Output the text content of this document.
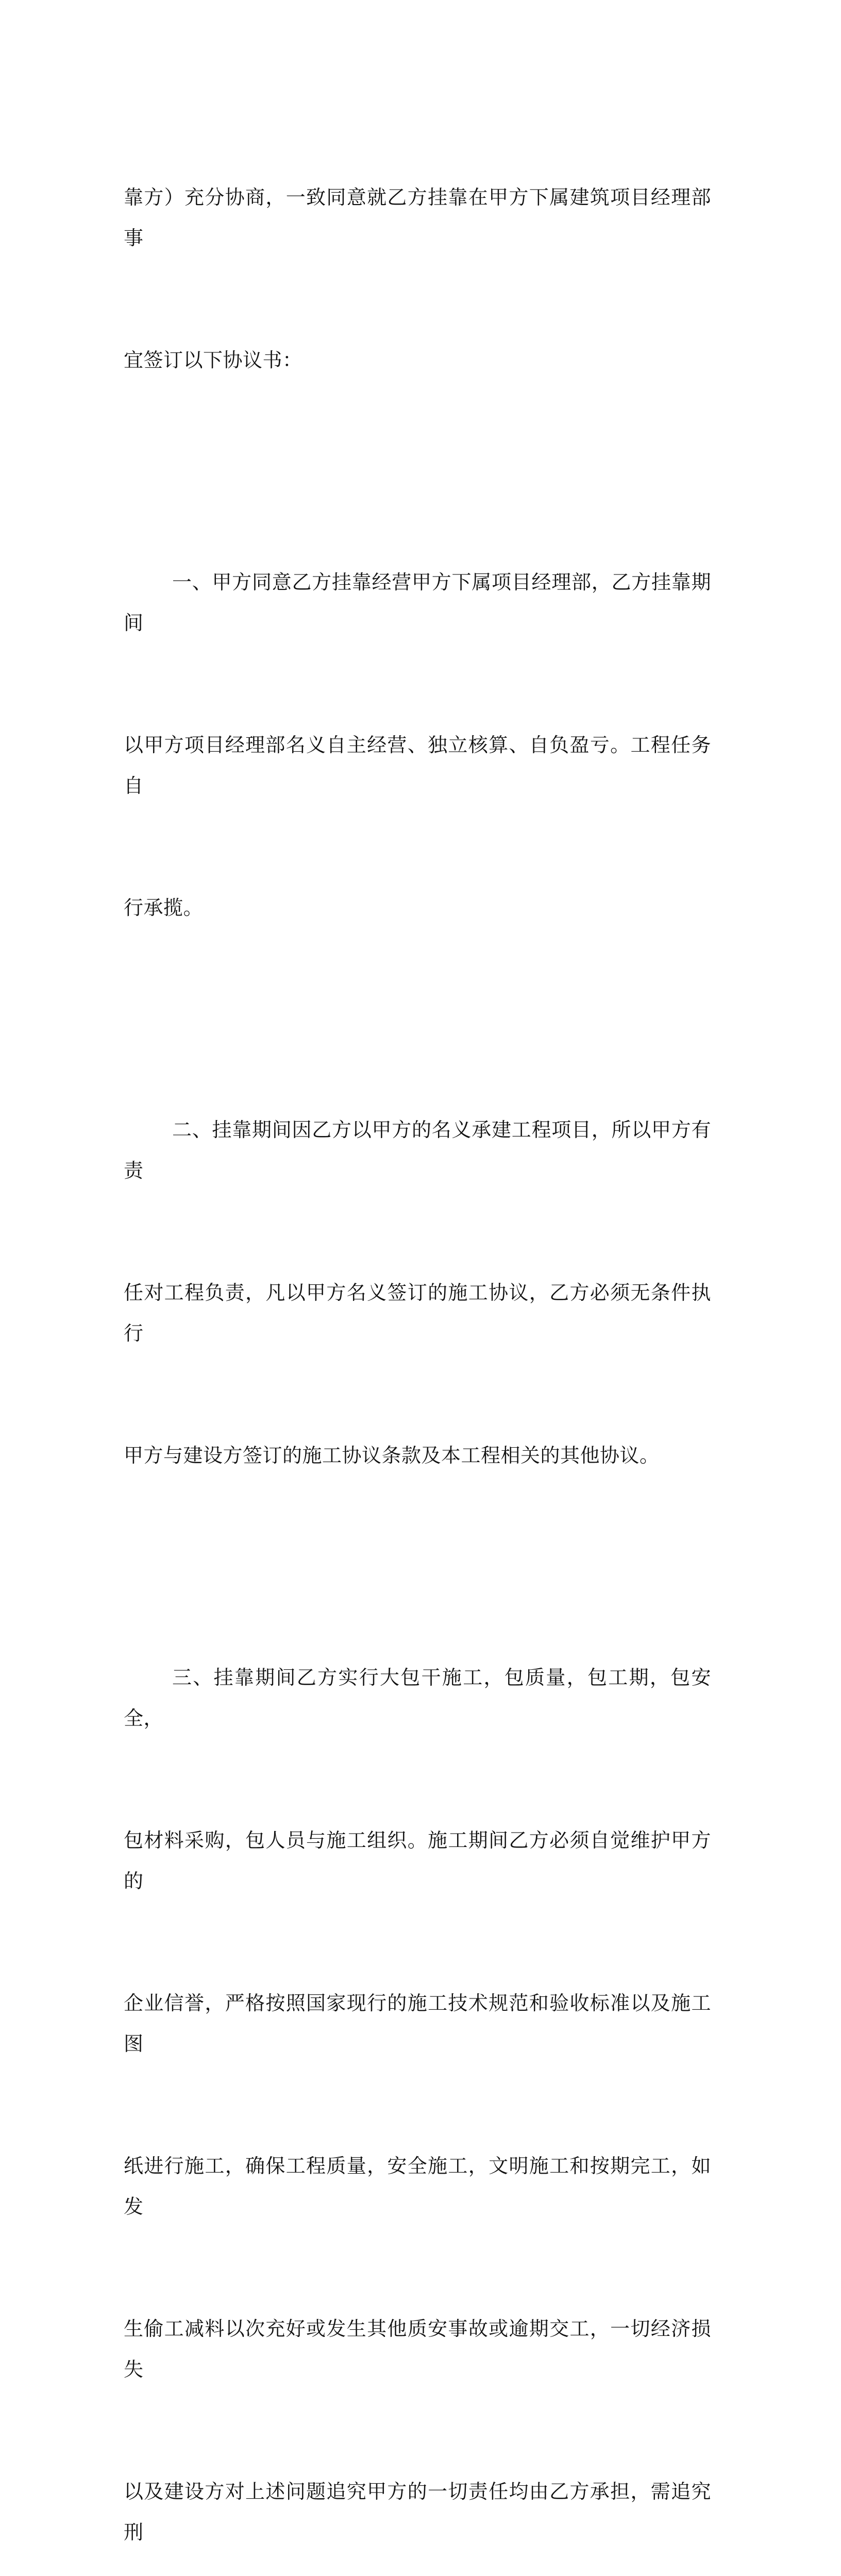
靠方）充分协商，一致同意就乙方挂靠在甲方下属建筑项目经理部事

宜签订以下协议书：

一、甲方同意乙方挂靠经营甲方下属项目经理部，乙方挂靠期间

以甲方项目经理部名义自主经营、独立核算、自负盈亏。工程任务自

行承揽。

二、挂靠期间因乙方以甲方的名义承建工程项目，所以甲方有责

任对工程负责，凡以甲方名义签订的施工协议，乙方必须无条件执行

甲方与建设方签订的施工协议条款及本工程相关的其他协议。

三、挂靠期间乙方实行大包干施工，包质量，包工期，包安全，

包材料采购，包人员与施工组织。施工期间乙方必须自觉维护甲方的

企业信誉，严格按照国家现行的施工技术规范和验收标准以及施工图

纸进行施工，确保工程质量，安全施工，文明施工和按期完工，如发

生偷工减料以次充好或发生其他质安事故或逾期交工，一切经济损失

以及建设方对上述问题追究甲方的一切责任均由乙方承担，需追究刑
